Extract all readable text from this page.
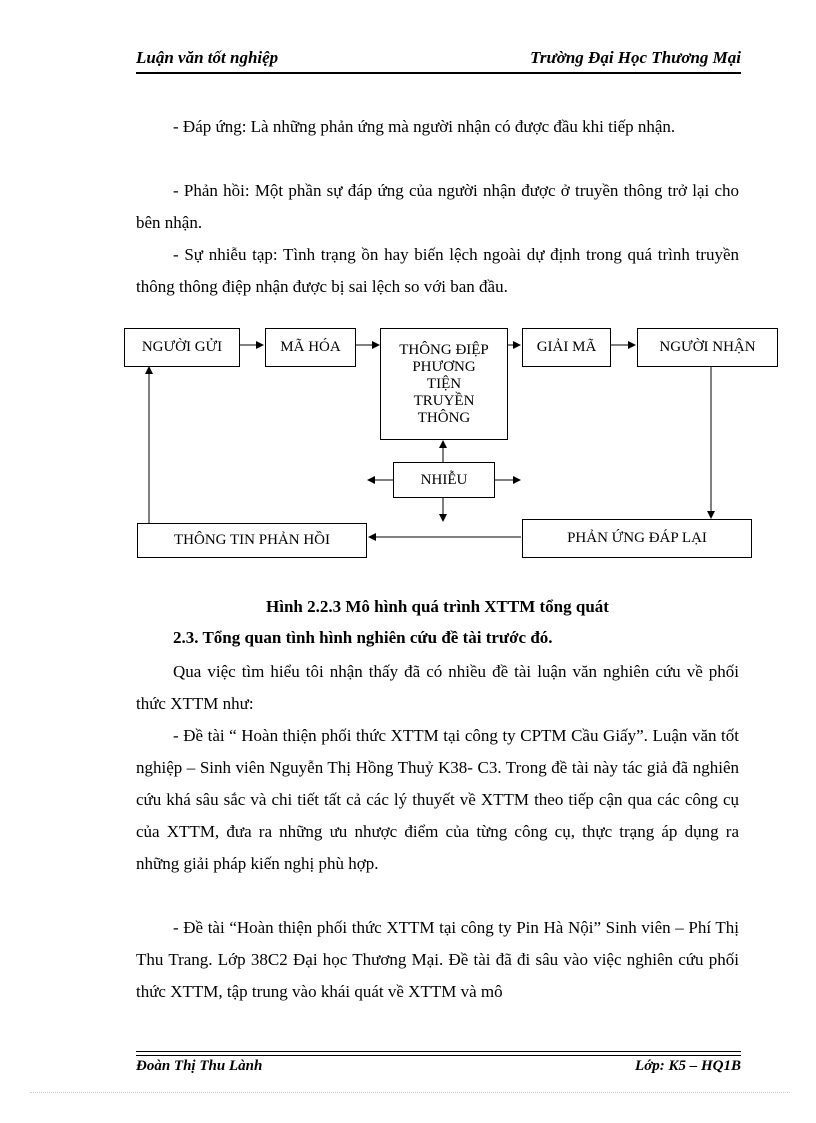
Luận văn tốt nghiệp	Trường Đại Học Thương Mại
- Đáp ứng: Là những phản ứng mà người nhận có được đầu khi tiếp nhận.
- Phản hồi: Một phần sự đáp ứng của người nhận được ở truyền thông trở lại cho bên nhận.
- Sự nhiễu tạp: Tình trạng ồn hay biến lệch ngoài dự định trong quá trình truyền thông thông điệp nhận được bị sai lệch so với ban đầu.
NGƯỜI GỬI	MÃ HÓA	THÔNG ĐIỆP
PHƯƠNG
TIỆN
TRUYỀN
THÔNG
GIẢI MÃ	NGƯỜI NHẬN
NHIỄU
PHẢN ỨNG ĐÁP LẠI
THÔNG TIN PHẢN HỒI
Hình 2.2.3 Mô hình quá trình XTTM tổng quát
2.3. Tổng quan tình hình nghiên cứu đề tài trước đó.
Qua việc tìm hiểu tôi nhận thấy đã có nhiều đề tài luận văn nghiên cứu về phối thức XTTM như:
- Đề tài “ Hoàn thiện phối thức XTTM tại công ty CPTM Cầu Giấy”. Luận văn tốt nghiệp – Sinh viên Nguyễn Thị Hồng Thuỷ K38- C3. Trong đề tài này tác giả đã nghiên cứu khá sâu sắc và chi tiết tất cả các lý thuyết về XTTM theo tiếp cận qua các công cụ của XTTM, đưa ra những ưu nhược điểm của từng công cụ, thực trạng áp dụng ra những giải pháp kiến nghị phù hợp.
- Đề tài “Hoàn thiện phối thức XTTM tại công ty Pin Hà Nội” Sinh viên – Phí Thị Thu Trang. Lớp 38C2 Đại học Thương Mại. Đề tài đã đi sâu vào việc nghiên cứu phối thức XTTM, tập trung vào khái quát về XTTM và mô
Đoàn Thị Thu Lành	Lớp: K5 – HQ1B
